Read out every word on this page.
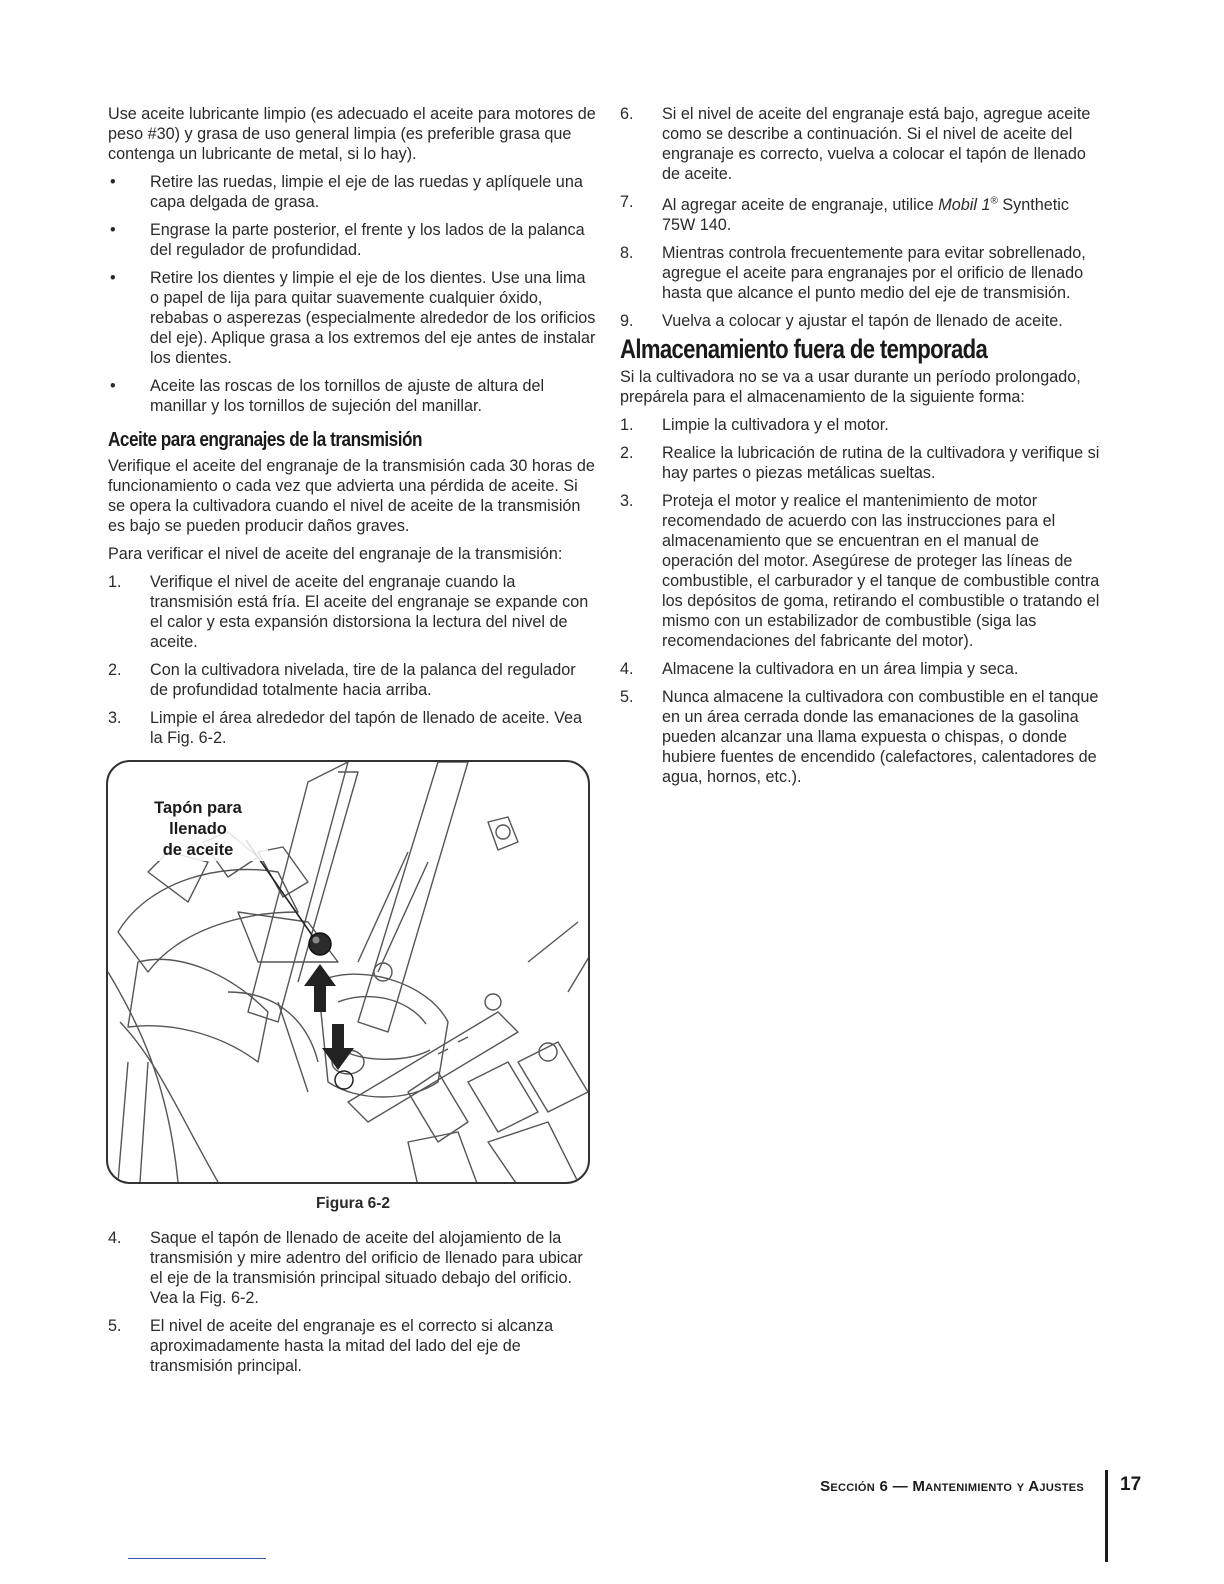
Use aceite lubricante limpio (es adecuado el aceite para motores de peso #30) y grasa de uso general limpia (es preferible grasa que contenga un lubricante de metal, si lo hay).

• Retire las ruedas, limpie el eje de las ruedas y aplíquele una capa delgada de grasa.
• Engrase la parte posterior, el frente y los lados de la palanca del regulador de profundidad.
• Retire los dientes y limpie el eje de los dientes. Use una lima o papel de lija para quitar suavemente cualquier óxido, rebabas o asperezas (especialmente alrededor de los orificios del eje). Aplique grasa a los extremos del eje antes de instalar los dientes.
• Aceite las roscas de los tornillos de ajuste de altura del manillar y los tornillos de sujeción del manillar.
Aceite para engranajes de la transmisión

Verifique el aceite del engranaje de la transmisión cada 30 horas de funcionamiento o cada vez que advierta una pérdida de aceite. Si se opera la cultivadora cuando el nivel de aceite de la transmisión es bajo se pueden producir daños graves.

Para verificar el nivel de aceite del engranaje de la transmisión:

1. Verifique el nivel de aceite del engranaje cuando la transmisión está fría. El aceite del engranaje se expande con el calor y esta expansión distorsiona la lectura del nivel de aceite.
2. Con la cultivadora nivelada, tire de la palanca del regulador de profundidad totalmente hacia arriba.
3. Limpie el área alrededor del tapón de llenado de aceite. Vea la Fig. 6-2.
Tapón para llenado
de aceite
Figura 6-2
4. Saque el tapón de llenado de aceite del alojamiento de la transmisión y mire adentro del orificio de llenado para ubicar el eje de la transmisión principal situado debajo del orificio. Vea la Fig. 6-2.
5. El nivel de aceite del engranaje es el correcto si alcanza aproximadamente hasta la mitad del lado del eje de transmisión principal.
6. Si el nivel de aceite del engranaje está bajo, agregue aceite como se describe a continuación. Si el nivel de aceite del engranaje es correcto, vuelva a colocar el tapón de llenado de aceite.
7. Al agregar aceite de engranaje, utilice Mobil 1® Synthetic 75W 140.
8. Mientras controla frecuentemente para evitar sobrellenado, agregue el aceite para engranajes por el orificio de llenado hasta que alcance el punto medio del eje de transmisión.
9. Vuelva a colocar y ajustar el tapón de llenado de aceite.
Almacenamiento fuera de temporada

Si la cultivadora no se va a usar durante un período prolongado, prepárela para el almacenamiento de la siguiente forma:

1. Limpie la cultivadora y el motor.
2. Realice la lubricación de rutina de la cultivadora y verifique si hay partes o piezas metálicas sueltas.
3. Proteja el motor y realice el mantenimiento de motor recomendado de acuerdo con las instrucciones para el almacenamiento que se encuentran en el manual de operación del motor. Asegúrese de proteger las líneas de combustible, el carburador y el tanque de combustible contra los depósitos de goma, retirando el combustible o tratando el mismo con un estabilizador de combustible (siga las recomendaciones del fabricante del motor).
4. Almacene la cultivadora en un área limpia y seca.
5. Nunca almacene la cultivadora con combustible en el tanque en un área cerrada donde las emanaciones de la gasolina pueden alcanzar una llama expuesta o chispas, o donde hubiere fuentes de encendido (calefactores, calentadores de agua, hornos, etc.).
Sección 6 — Mantenimiento y Ajustes 17
